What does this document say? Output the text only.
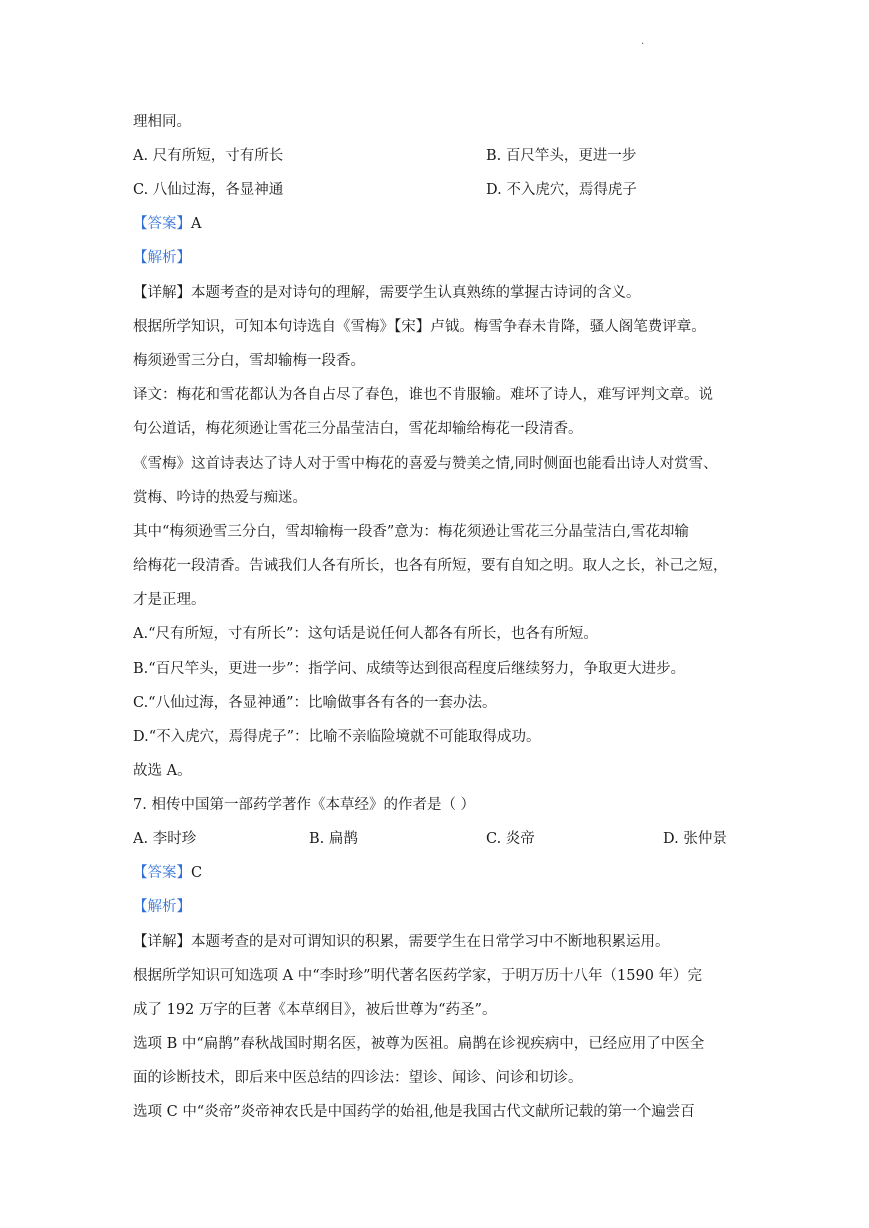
.
理相同。
A. 尺有所短，寸有所长	B. 百尺竿头，更进一步
C. 八仙过海，各显神通	D. 不入虎穴，焉得虎子
【答案】A
【解析】
【详解】本题考查的是对诗句的理解，需要学生认真熟练的掌握古诗词的含义。
根据所学知识，可知本句诗选自《雪梅》【宋】卢钺。梅雪争春未肯降，骚人阁笔费评章。
梅须逊雪三分白，雪却输梅一段香。
译文：梅花和雪花都认为各自占尽了春色，谁也不肯服输。难坏了诗人，难写评判文章。说
句公道话，梅花须逊让雪花三分晶莹洁白，雪花却输给梅花一段清香。
《雪梅》这首诗表达了诗人对于雪中梅花的喜爱与赞美之情,同时侧面也能看出诗人对赏雪、
赏梅、吟诗的热爱与痴迷。
其中“梅须逊雪三分白，雪却输梅一段香”意为：梅花须逊让雪花三分晶莹洁白,雪花却输
给梅花一段清香。告诫我们人各有所长，也各有所短，要有自知之明。取人之长，补己之短，
才是正理。
A.“尺有所短，寸有所长”：这句话是说任何人都各有所长，也各有所短。
B.“百尺竿头，更进一步”：指学问、成绩等达到很高程度后继续努力，争取更大进步。
C.“八仙过海，各显神通”：比喻做事各有各的一套办法。
D.“不入虎穴，焉得虎子”：比喻不亲临险境就不可能取得成功。
故选 A。
7. 相传中国第一部药学著作《本草经》的作者是（ ）
A. 李时珍	B. 扁鹊	C. 炎帝	D. 张仲景
【答案】C
【解析】
【详解】本题考查的是对可谓知识的积累，需要学生在日常学习中不断地积累运用。
根据所学知识可知选项 A 中“李时珍”明代著名医药学家，于明万历十八年（1590 年）完
成了 192 万字的巨著《本草纲目》，被后世尊为“药圣”。
选项 B 中“扁鹊”春秋战国时期名医，被尊为医祖。扁鹊在诊视疾病中，已经应用了中医全
面的诊断技术，即后来中医总结的四诊法：望诊、闻诊、问诊和切诊。
选项 C 中“炎帝”炎帝神农氏是中国药学的始祖,他是我国古代文献所记载的第一个遍尝百
